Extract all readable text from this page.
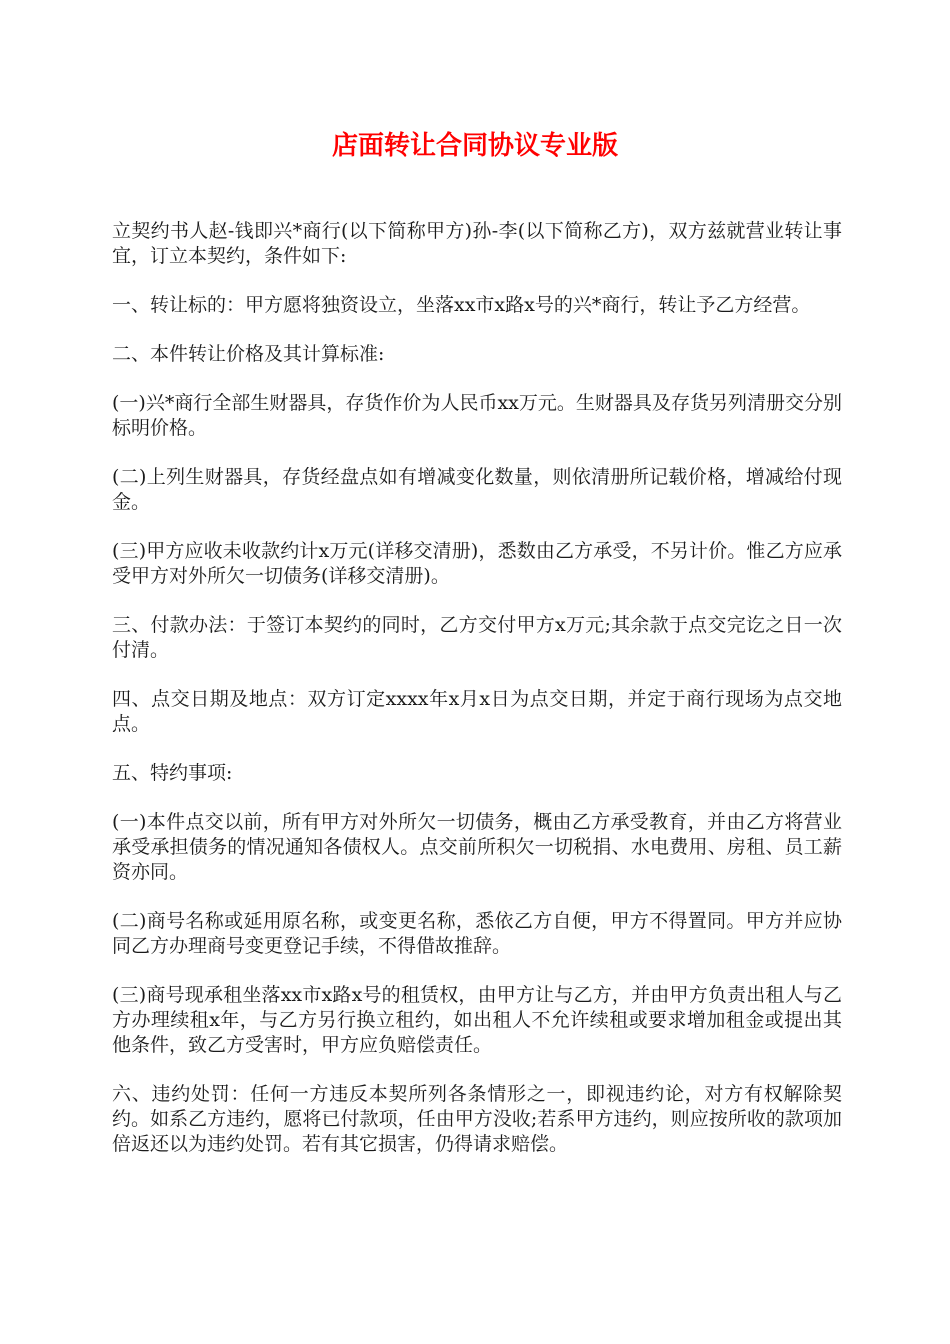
店面转让合同协议专业版

立契约书人赵-钱即兴*商行(以下简称甲方)孙-李(以下简称乙方)，双方兹就营业转让事宜，订立本契约，条件如下:

一、转让标的：甲方愿将独资设立，坐落xx市x路x号的兴*商行，转让予乙方经营。

二、本件转让价格及其计算标准:

(一)兴*商行全部生财器具，存货作价为人民币xx万元。生财器具及存货另列清册交分别标明价格。

(二)上列生财器具，存货经盘点如有增减变化数量，则依清册所记载价格，增减给付现金。

(三)甲方应收未收款约计x万元(详移交清册)，悉数由乙方承受，不另计价。惟乙方应承受甲方对外所欠一切债务(详移交清册)。

三、付款办法：于签订本契约的同时，乙方交付甲方x万元;其余款于点交完讫之日一次付清。

四、点交日期及地点：双方订定xxxx年x月x日为点交日期，并定于商行现场为点交地点。

五、特约事项:

(一)本件点交以前，所有甲方对外所欠一切债务，概由乙方承受教育，并由乙方将营业承受承担债务的情况通知各债权人。点交前所积欠一切税捐、水电费用、房租、员工薪资亦同。

(二)商号名称或延用原名称，或变更名称，悉依乙方自便，甲方不得置同。甲方并应协同乙方办理商号变更登记手续，不得借故推辞。

(三)商号现承租坐落xx市x路x号的租赁权，由甲方让与乙方，并由甲方负责出租人与乙方办理续租x年，与乙方另行换立租约，如出租人不允许续租或要求增加租金或提出其他条件，致乙方受害时，甲方应负赔偿责任。

六、违约处罚：任何一方违反本契所列各条情形之一，即视违约论，对方有权解除契约。如系乙方违约，愿将已付款项，任由甲方没收;若系甲方违约，则应按所收的款项加倍返还以为违约处罚。若有其它损害，仍得请求赔偿。
